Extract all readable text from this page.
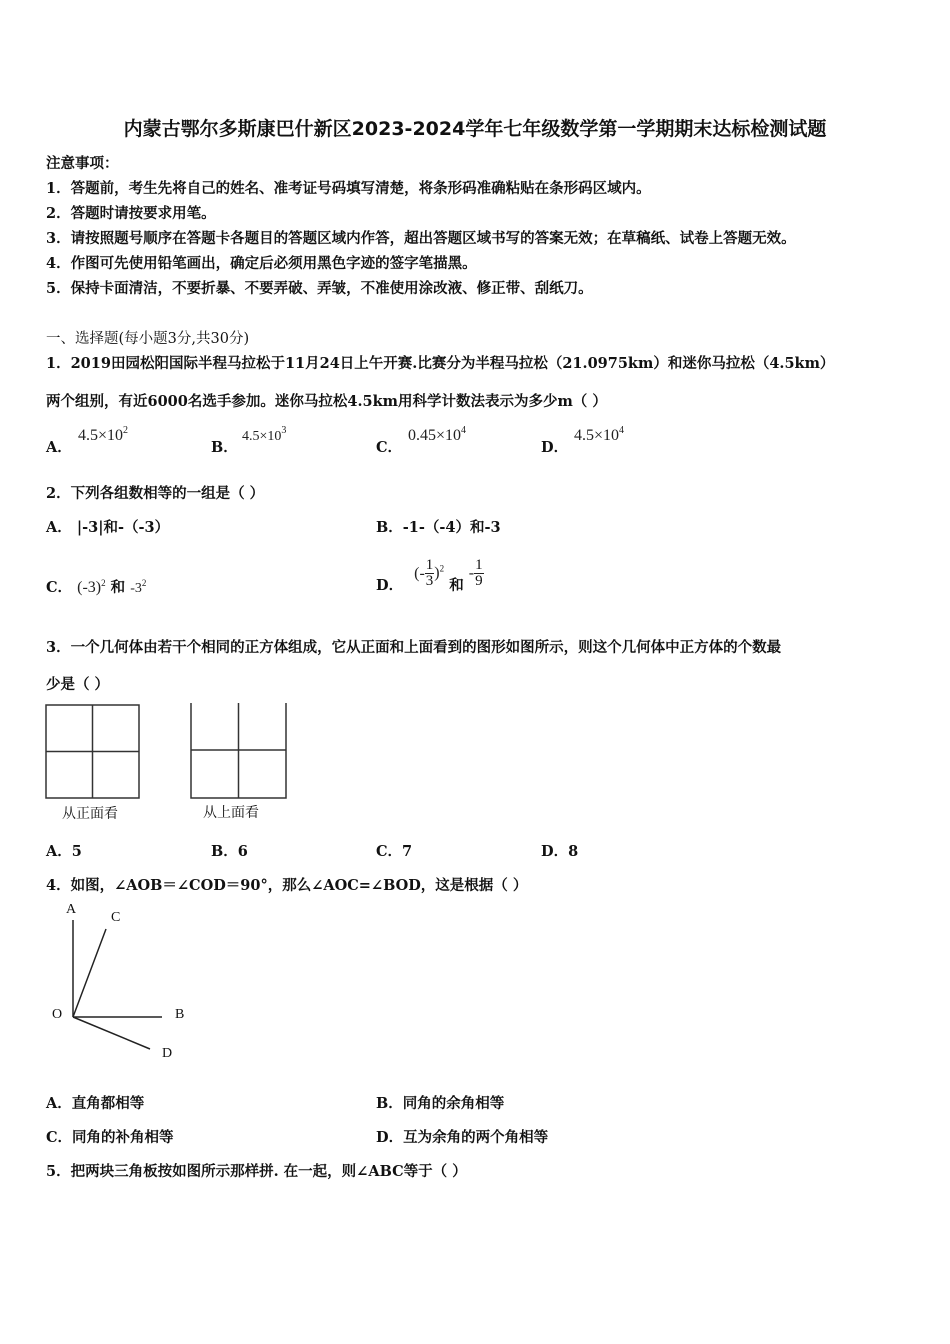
内蒙古鄂尔多斯康巴什新区2023-2024学年七年级数学第一学期期末达标检测试题
注意事项：
1．答题前，考生先将自己的姓名、准考证号码填写清楚，将条形码准确粘贴在条形码区域内。
2．答题时请按要求用笔。
3．请按照题号顺序在答题卡各题目的答题区域内作答，超出答题区域书写的答案无效；在草稿纸、试卷上答题无效。
4．作图可先使用铅笔画出，确定后必须用黑色字迹的签字笔描黑。
5．保持卡面清洁，不要折暴、不要弄破、弄皱，不准使用涂改液、修正带、刮纸刀。
一、选择题(每小题3分,共30分)
1．2019田园松阳国际半程马拉松于11月24日上午开赛.比赛分为半程马拉松（21.0975km）和迷你马拉松（4.5km）
两个组别，有近6000名选手参加。迷你马拉松4.5km用科学计数法表示为多少m（ ）
A．
$4.5\times 10^2$
B．
$4.5\times 10^3$
C．
$0.45\times 10^4$
D．
$4.5\times 10^4$
2．下列各组数相等的一组是（ ）
A． |-3|和-（-3）	B．-1-（-4）和-3
C． $(-3)^2$ 和 $-3^2$	D． (- $\frac{1}{3} )^2$ 和 - $\frac{1}{9}$
3．一个几何体由若干个相同的正方体组成，它从正面和上面看到的图形如图所示，则这个几何体中正方体的个数最
少是（ ）
从正面看	从上面看
A．5	B．6	C．7	D．8
4．如图，∠AOB＝∠COD＝90°，那么∠AOC=∠BOD，这是根据（ ）
A
C
O	B
D
A．直角都相等	B．同角的余角相等
C．同角的补角相等	D．互为余角的两个角相等
5．把两块三角板按如图所示那样拼. 在一起，则∠ABC等于（ ）
